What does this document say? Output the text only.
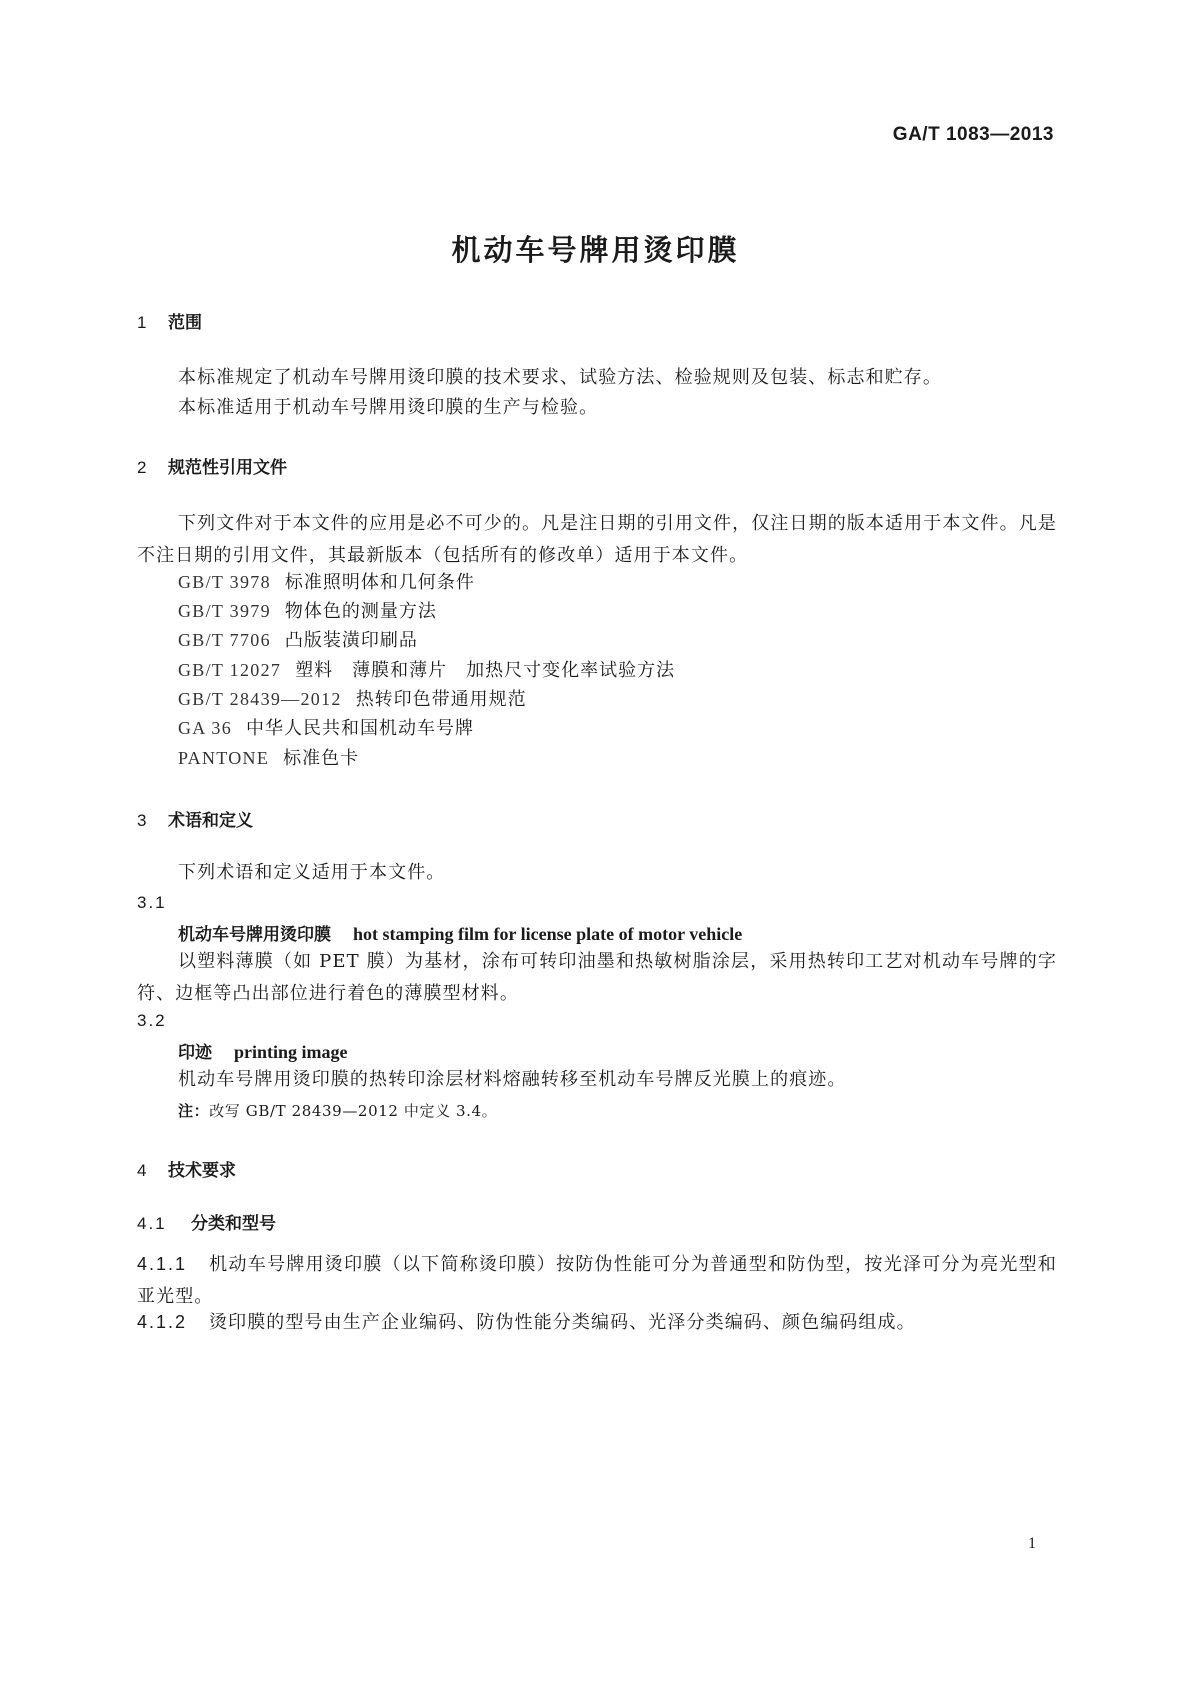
GA/T 1083—2013
机动车号牌用烫印膜
1 范围
本标准规定了机动车号牌用烫印膜的技术要求、试验方法、检验规则及包装、标志和贮存。
本标准适用于机动车号牌用烫印膜的生产与检验。
2 规范性引用文件
下列文件对于本文件的应用是必不可少的。凡是注日期的引用文件，仅注日期的版本适用于本文件。凡是不注日期的引用文件，其最新版本（包括所有的修改单）适用于本文件。
GB/T 3978 标准照明体和几何条件
GB/T 3979 物体色的测量方法
GB/T 7706 凸版装潢印刷品
GB/T 12027 塑料　薄膜和薄片　加热尺寸变化率试验方法
GB/T 28439—2012 热转印色带通用规范
GA 36 中华人民共和国机动车号牌
PANTONE 标准色卡
3 术语和定义
下列术语和定义适用于本文件。
3.1
机动车号牌用烫印膜 hot stamping film for license plate of motor vehicle
以塑料薄膜（如 PET 膜）为基材，涂布可转印油墨和热敏树脂涂层，采用热转印工艺对机动车号牌的字符、边框等凸出部位进行着色的薄膜型材料。
3.2
印迹 printing image
机动车号牌用烫印膜的热转印涂层材料熔融转移至机动车号牌反光膜上的痕迹。
注：改写 GB/T 28439—2012 中定义 3.4。
4 技术要求
4.1 分类和型号
4.1.1 机动车号牌用烫印膜（以下简称烫印膜）按防伪性能可分为普通型和防伪型，按光泽可分为亮光型和亚光型。
4.1.2 烫印膜的型号由生产企业编码、防伪性能分类编码、光泽分类编码、颜色编码组成。
1
